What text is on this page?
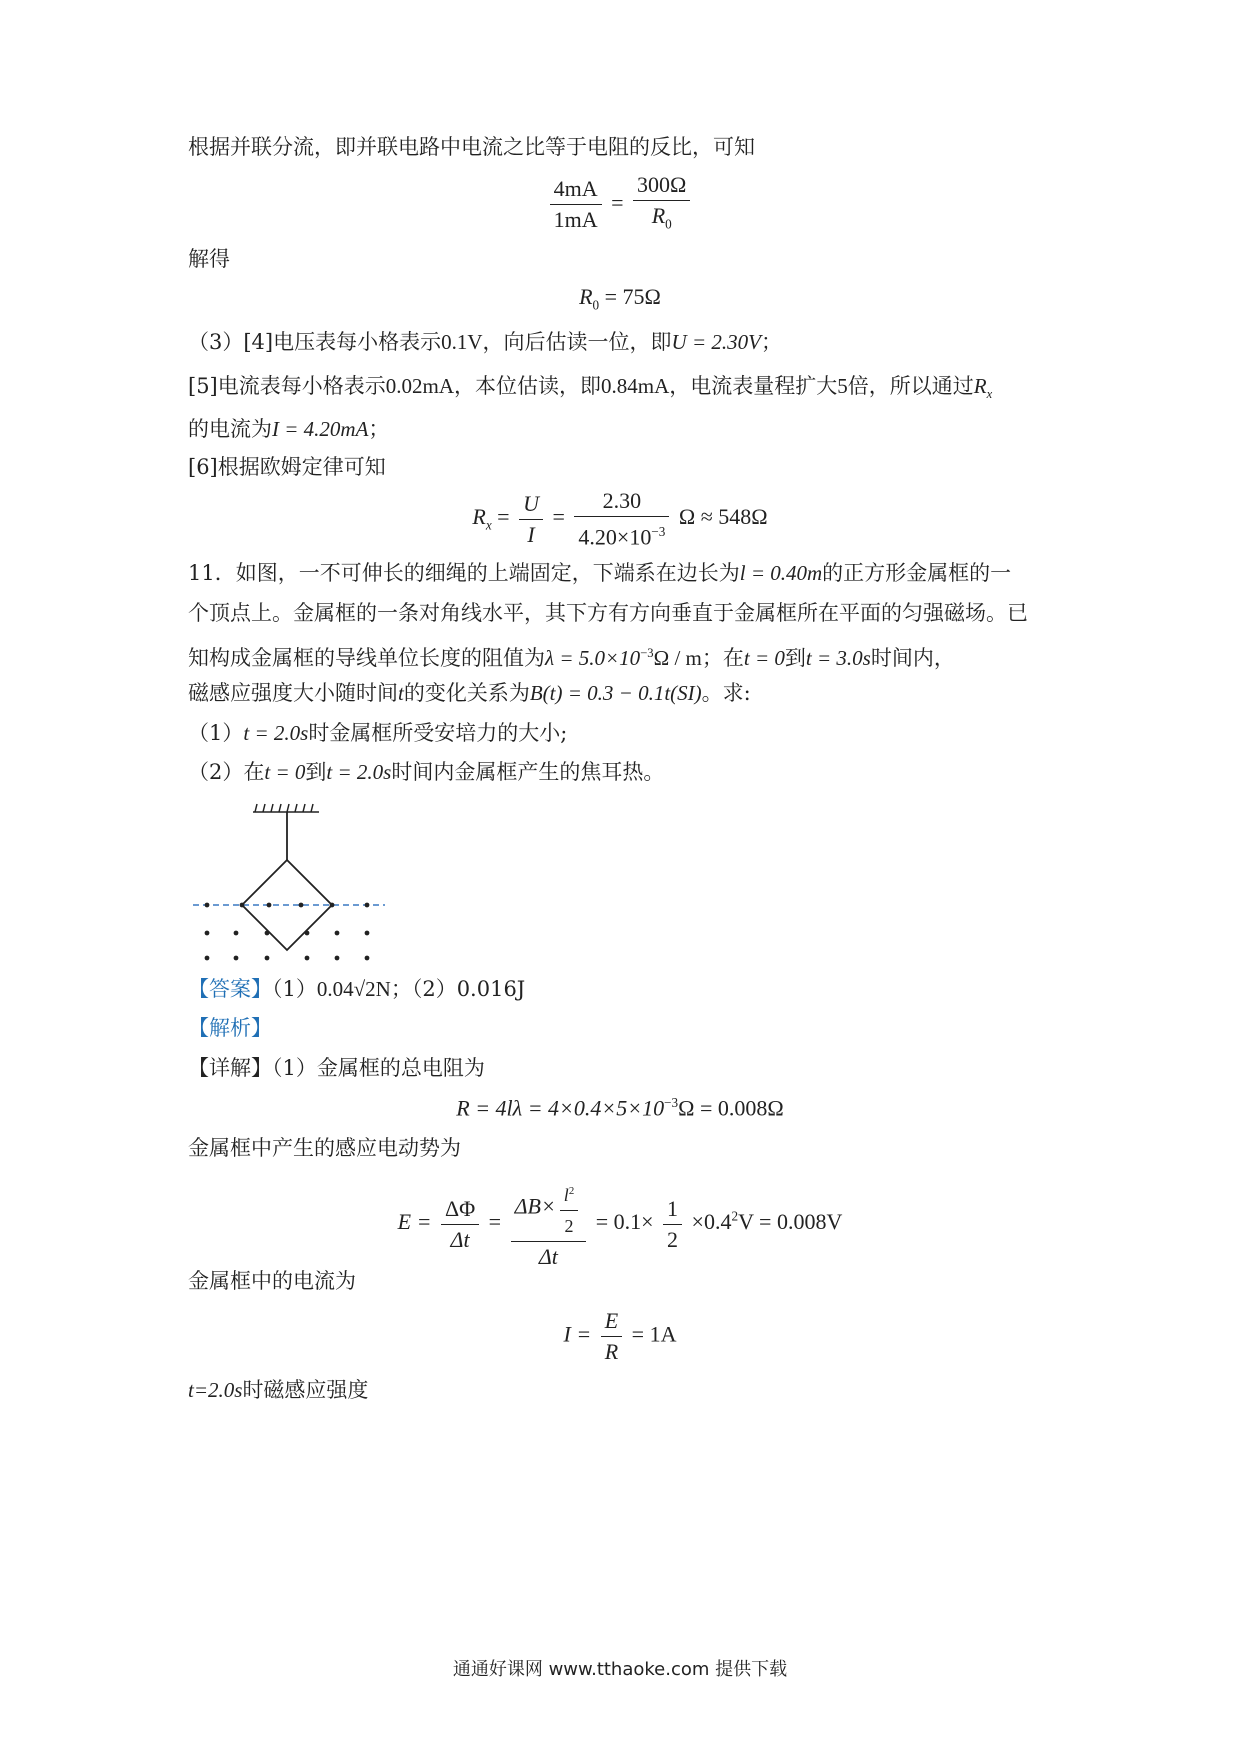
根据并联分流，即并联电路中电流之比等于电阻的反比，可知
$\frac{4mA}{1mA} = \frac{300\Omega}{R_0}$
解得
$R_0 = 75\Omega$
（3）[4]电压表每小格表示0.1V，向后估读一位，即U = 2.30V；
[5]电流表每小格表示0.02mA，本位估读，即0.84mA，电流表量程扩大5倍，所以通过$R_x$
的电流为I = 4.20mA；
[6]根据欧姆定律可知
$R_x = \frac{U}{I} = \frac{2.30}{4.20\times 10^{-3}}$ Ω ≈ 548Ω
11．如图，一不可伸长的细绳的上端固定，下端系在边长为l = 0.40m的正方形金属框的一
个顶点上。金属框的一条对角线水平，其下方有方向垂直于金属框所在平面的匀强磁场。已
知构成金属框的导线单位长度的阻值为$\lambda = 5.0\times 10^{-3}\Omega / m$；在t = 0到t = 3.0s时间内，
磁感应强度大小随时间t的变化关系为B(t) = 0.3 − 0.1t(SI)。求:
（1）t = 2.0s时金属框所受安培力的大小;
（2）在t = 0到t = 2.0s时间内金属框产生的焦耳热。
【答案】（1）0.04√2N；（2）0.016J
【解析】
【详解】（1）金属框的总电阻为
$R = 4l\lambda = 4\times 0.4\times 5\times 10^{-3}\Omega = 0.008\Omega$
金属框中产生的感应电动势为
$E = \frac{\Delta\Phi}{\Delta t} = \frac{\Delta B\times \frac{l^2}{2}}{\Delta t} = 0.1\times \frac{1}{2} \times 0.4^2V = 0.008V$
金属框中的电流为
$I = \frac{E}{R} = 1A$
t=2.0s时磁感应强度
通通好课网 www.tthaoke.com 提供下载
